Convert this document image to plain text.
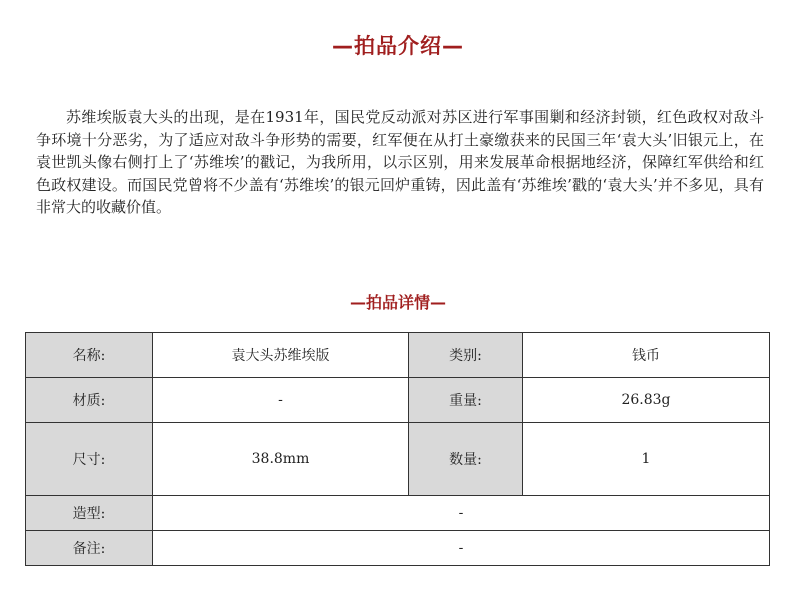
—拍品介绍—

苏维埃版袁大头的出现，是在1931年，国民党反动派对苏区进行军事围剿和经济封锁，红色政权对敌斗争环境十分恶劣，为了适应对敌斗争形势的需要，红军便在从打土豪缴获来的民国三年‘袁大头’旧银元上，在袁世凯头像右侧打上了‘苏维埃’的戳记，为我所用，以示区别，用来发展革命根据地经济，保障红军供给和红色政权建设。而国民党曾将不少盖有‘苏维埃’的银元回炉重铸，因此盖有‘苏维埃’戳的‘袁大头’并不多见，具有非常大的收藏价值。

—拍品详情—
名称:	袁大头苏维埃版	类别:	钱币
材质:	-	重量:	26.83g
尺寸:	38.8mm	数量:	1
造型:	-		
备注:	-		
